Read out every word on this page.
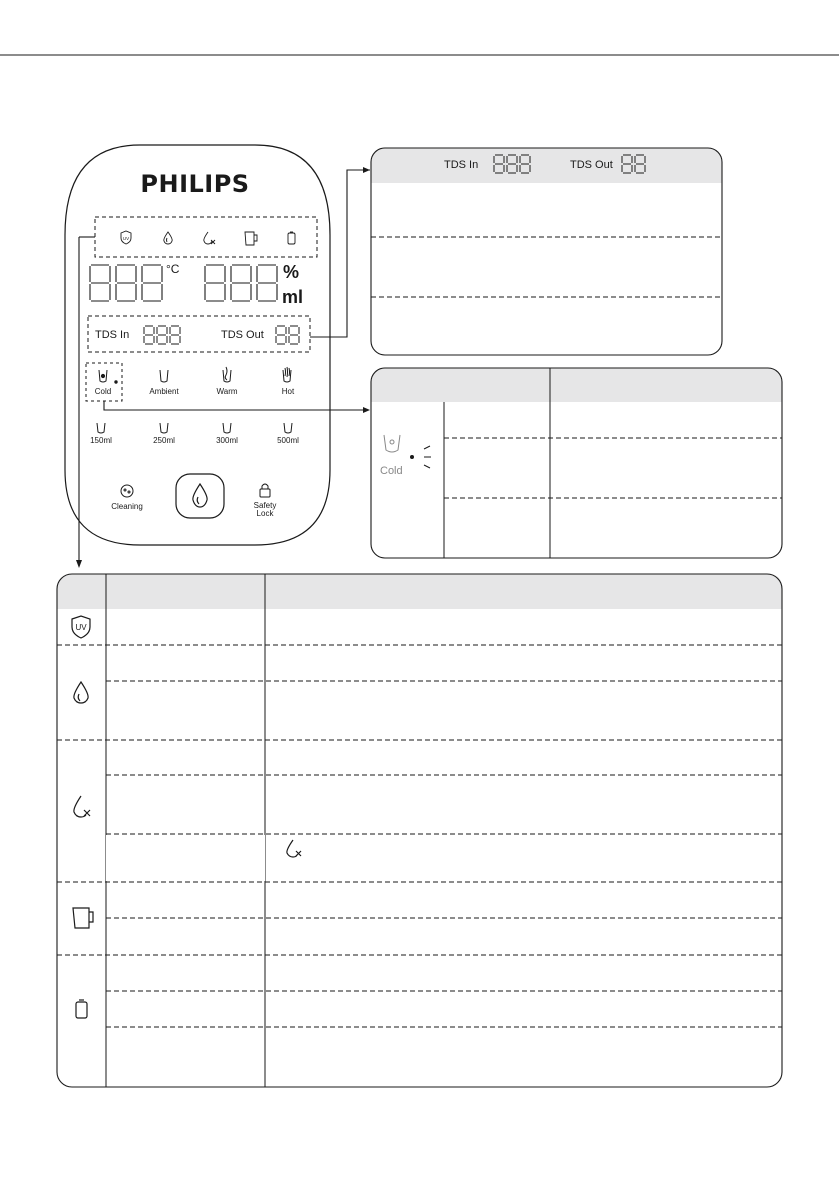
UV
UV
PHILIPS
°C	%
ml
TDS In	TDS Out
Cold	Ambient	Warm	Hot
150ml	250ml	300ml	500ml
Cleaning	Safety
Lock
TDS In	TDS Out
Cold
